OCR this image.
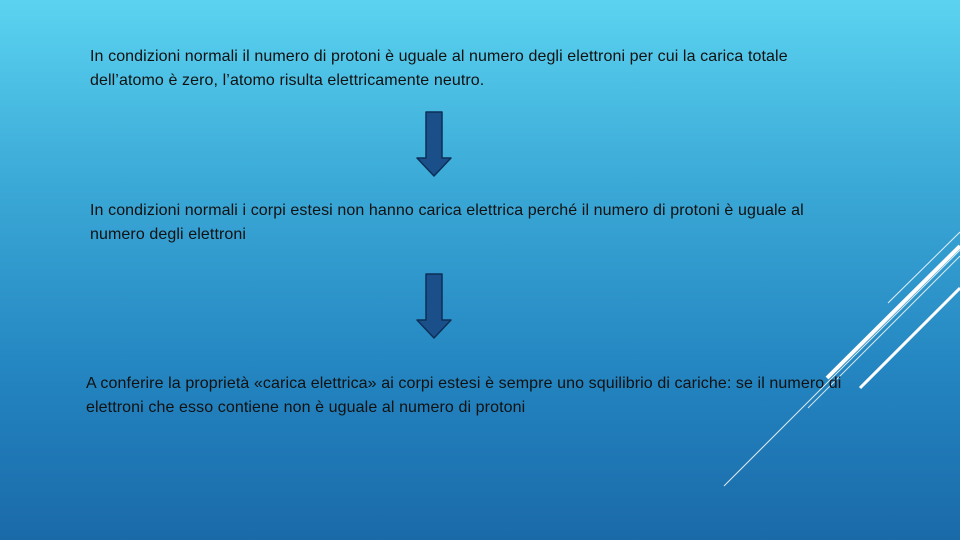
In condizioni normali il numero di protoni è uguale al numero degli elettroni per cui la carica totale dell’atomo è zero, l’atomo risulta elettricamente neutro.

In condizioni normali i corpi estesi non hanno carica elettrica perché il numero di protoni è uguale al numero degli elettroni

A conferire la proprietà «carica elettrica» ai corpi estesi è sempre uno squilibrio di cariche: se il numero di elettroni che esso contiene non è uguale al numero di protoni
